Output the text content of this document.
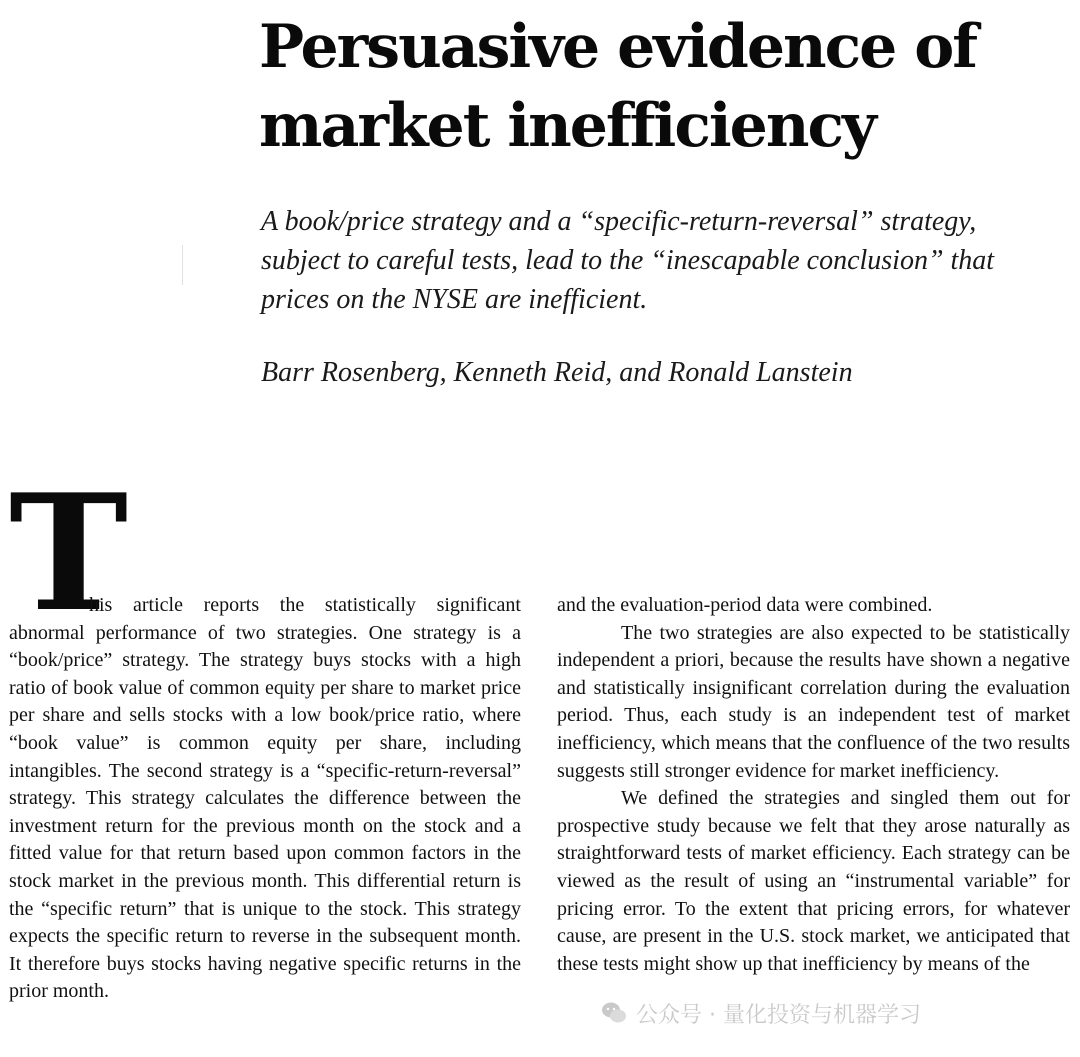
Persuasive evidence of market inefficiency

A book/price strategy and a “specific-return-reversal” strategy, subject to careful tests, lead to the “inescapable conclusion” that prices on the NYSE are inefficient.

Barr Rosenberg, Kenneth Reid, and Ronald Lanstein

T

his article reports the statistically significant abnormal performance of two strategies. One strategy is a “book/price” strategy. The strategy buys stocks with a high ratio of book value of common equity per share to market price per share and sells stocks with a low book/price ratio, where “book value” is common equity per share, including intangibles. The second strategy is a “specific-return-reversal” strategy. This strategy calculates the difference between the investment return for the previous month on the stock and a fitted value for that return based upon common factors in the stock market in the previous month. This differential return is the “specific return” that is unique to the stock. This strategy expects the specific return to reverse in the subsequent month. It therefore buys stocks having negative specific returns in the prior month.

and the evaluation-period data were combined.

The two strategies are also expected to be statistically independent a priori, because the results have shown a negative and statistically insignificant correlation during the evaluation period. Thus, each study is an independent test of market inefficiency, which means that the confluence of the two results suggests still stronger evidence for market inefficiency.

We defined the strategies and singled them out for prospective study because we felt that they arose naturally as straightforward tests of market efficiency. Each strategy can be viewed as the result of using an “instrumental variable” for pricing error. To the extent that pricing errors, for whatever cause, are present in the U.S. stock market, we anticipated that these tests might show up that inefficiency by means of the

公众号 · 量化投资与机器学习
